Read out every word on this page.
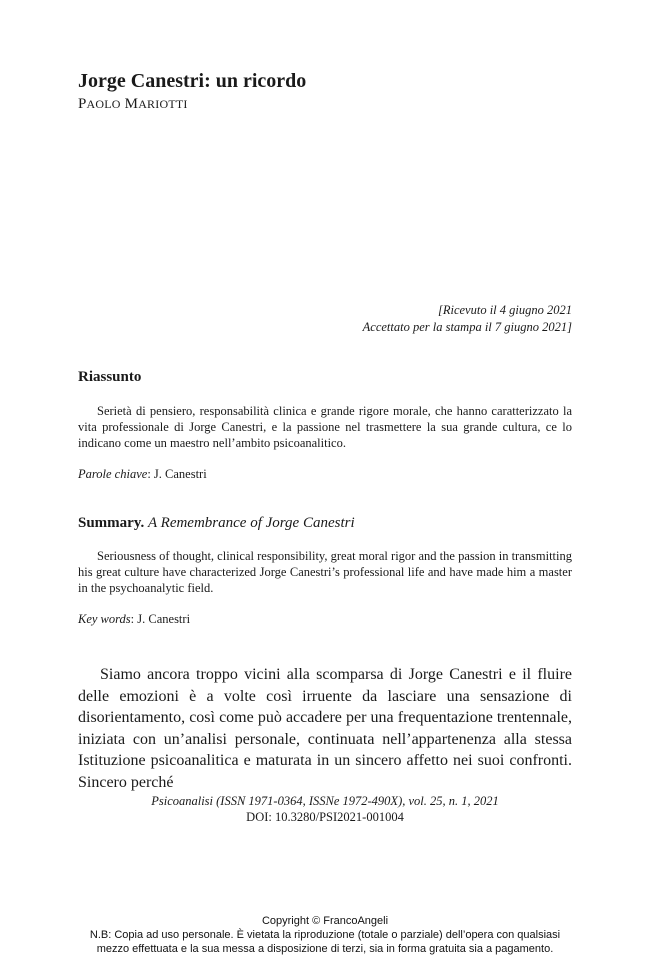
Jorge Canestri: un ricordo
PAOLO MARIOTTI
[Ricevuto il 4 giugno 2021
Accettato per la stampa il 7 giugno 2021]
Riassunto
Serietà di pensiero, responsabilità clinica e grande rigore morale, che hanno caratterizzato la vita professionale di Jorge Canestri, e la passione nel trasmettere la sua grande cultura, ce lo indicano come un maestro nell’ambito psicoanalitico.
Parole chiave: J. Canestri
Summary. A Remembrance of Jorge Canestri
Seriousness of thought, clinical responsibility, great moral rigor and the passion in transmitting his great culture have characterized Jorge Canestri’s professional life and have made him a master in the psychoanalytic field.
Key words: J. Canestri
Siamo ancora troppo vicini alla scomparsa di Jorge Canestri e il fluire delle emozioni è a volte così irruente da lasciare una sensazione di disorientamento, così come può accadere per una frequentazione trentennale, iniziata con un’analisi personale, continuata nell’appartenenza alla stessa Istituzione psicoanalitica e maturata in un sincero affetto nei suoi confronti. Sincero perché
Psicoanalisi (ISSN 1971-0364, ISSNe 1972-490X), vol. 25, n. 1, 2021
DOI: 10.3280/PSI2021-001004
Copyright © FrancoAngeli
N.B: Copia ad uso personale. È vietata la riproduzione (totale o parziale) dell’opera con qualsiasi
mezzo effettuata e la sua messa a disposizione di terzi, sia in forma gratuita sia a pagamento.
